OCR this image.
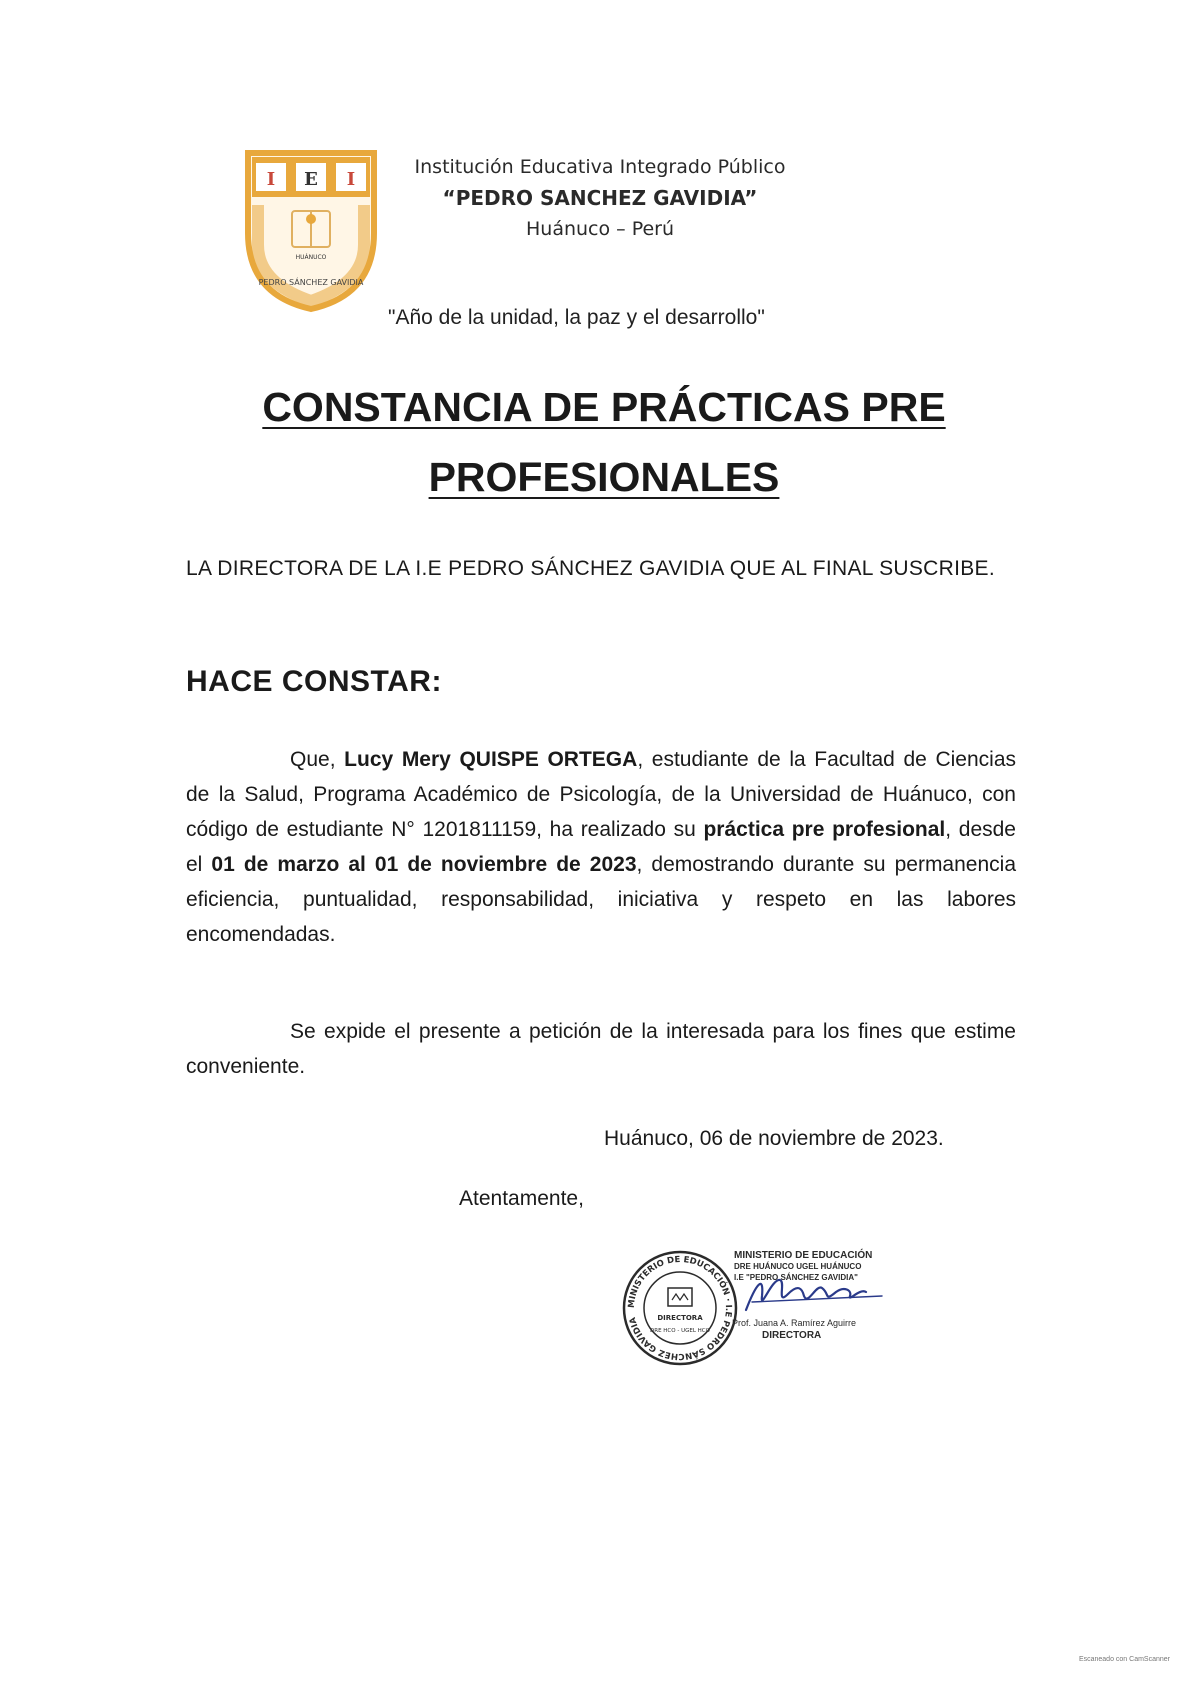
I E I
HUÁNUCO
PEDRO SÁNCHEZ GAVIDIA
Institución Educativa Integrado Público
“PEDRO SANCHEZ GAVIDIA”
Huánuco – Perú
"Año de la unidad, la paz y el desarrollo"
CONSTANCIA DE PRÁCTICAS PRE
PROFESIONALES
LA DIRECTORA DE LA I.E PEDRO SÁNCHEZ GAVIDIA QUE AL FINAL SUSCRIBE.
HACE CONSTAR:
Que, Lucy Mery QUISPE ORTEGA, estudiante de la Facultad de Ciencias de la Salud, Programa Académico de Psicología, de la Universidad de Huánuco, con código de estudiante N° 1201811159, ha realizado su práctica pre profesional, desde el 01 de marzo al 01 de noviembre de 2023, demostrando durante su permanencia eficiencia, puntualidad, responsabilidad, iniciativa y respeto en las labores encomendadas.
Se expide el presente a petición de la interesada para los fines que estime conveniente.
Huánuco, 06 de noviembre de 2023.
Atentamente,
MINISTERIO DE EDUCACIÓN · I.E PEDRO SÁNCHEZ GAVIDIA	DIRECTORA
DRE HCO - UGEL HCO
MINISTERIO DE EDUCACIÓN
DRE HUÁNUCO UGEL HUÁNUCO
I.E "PEDRO SÁNCHEZ GAVIDIA"
Prof. Juana A. Ramírez Aguirre
DIRECTORA
Escaneado con CamScanner
